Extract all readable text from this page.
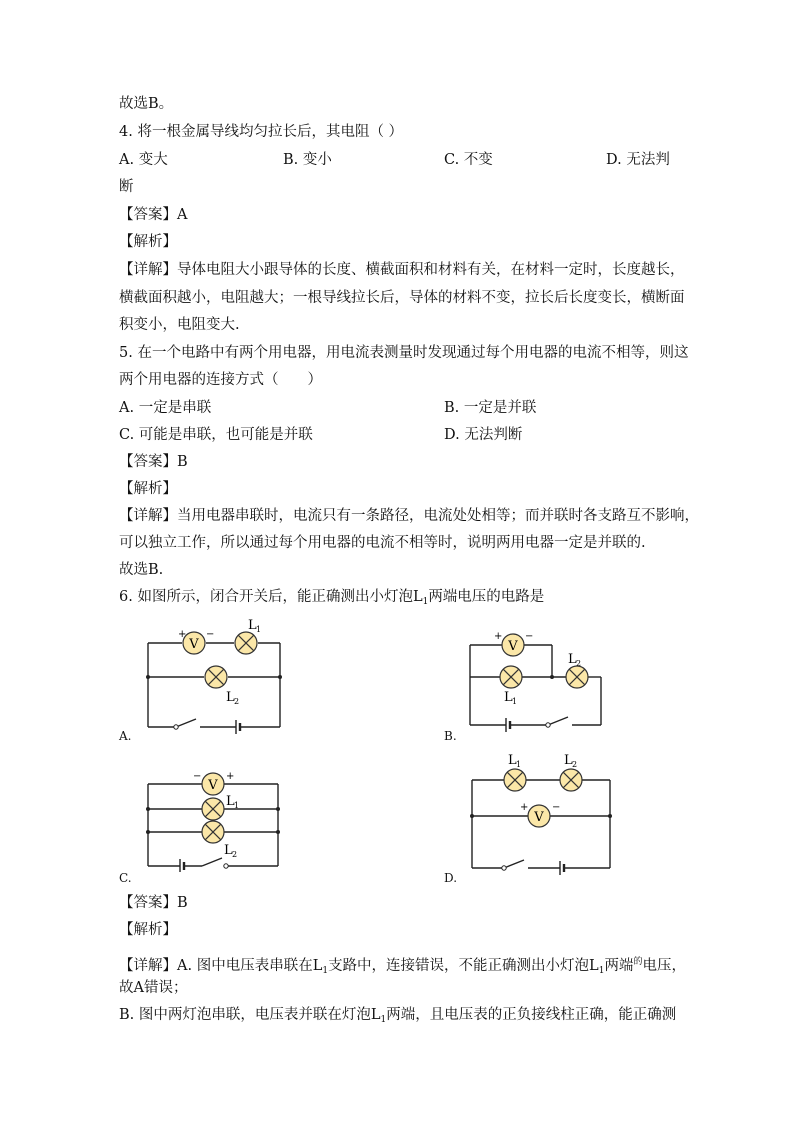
故选B。
4. 将一根金属导线均匀拉长后，其电阻（ ）
A. 变大	B. 变小	C. 不变	D. 无法判
断
【答案】A
【解析】
【详解】导体电阻大小跟导体的长度、横截面积和材料有关，在材料一定时，长度越长，
横截面积越小，电阻越大；一根导线拉长后，导体的材料不变，拉长后长度变长，横断面
积变小，电阻变大.
5. 在一个电路中有两个用电器，用电流表测量时发现通过每个用电器的电流不相等，则这
两个用电器的连接方式（　　）
A. 一定是串联	B. 一定是并联
C. 可能是串联，也可能是并联	D. 无法判断
【答案】B
【解析】
【详解】当用电器串联时，电流只有一条路径，电流处处相等；而并联时各支路互不影响，
可以独立工作，所以通过每个用电器的电流不相等时，说明两用电器一定是并联的.
故选B.
6. 如图所示，闭合开关后，能正确测出小灯泡$L_1$两端电压的电路是
A.	B.
C.	D.
V
+ −
L 1
L 2
V
+ −
L 1
L 2
V
− +
L 1
L 2
L 1	L 2
V
+ −
【答案】B
【解析】
【详解】A. 图中电压表串联在$L_1$支路中，连接错误，不能正确测出小灯泡$L_1$两端$^的$电压，
故A错误；
B. 图中两灯泡串联，电压表并联在灯泡$L_1$两端，且电压表的正负接线柱正确，能正确测
